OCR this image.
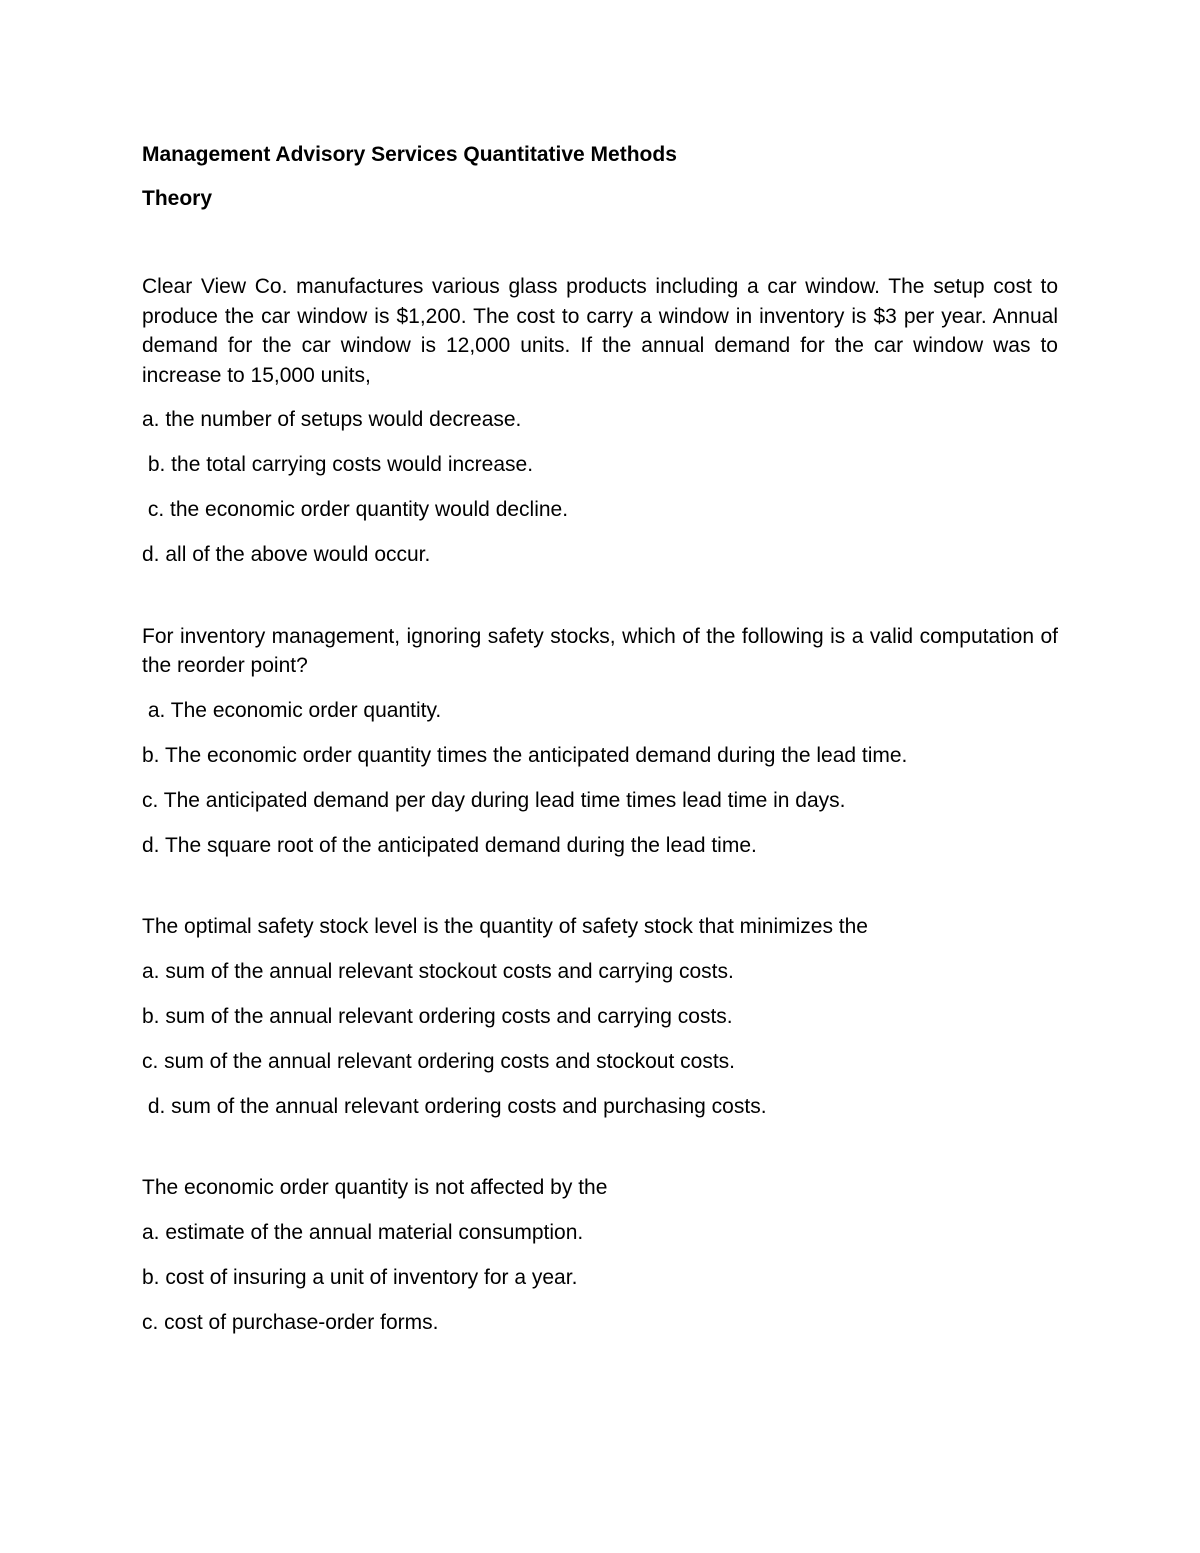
Management Advisory Services Quantitative Methods
Theory
Clear View Co. manufactures various glass products including a car window. The setup cost to produce the car window is $1,200. The cost to carry a window in inventory is $3 per year. Annual demand for the car window is 12,000 units. If the annual demand for the car window was to increase to 15,000 units,
a. the number of setups would decrease.
b. the total carrying costs would increase.
c. the economic order quantity would decline.
d. all of the above would occur.
For inventory management, ignoring safety stocks, which of the following is a valid computation of the reorder point?
a. The economic order quantity.
b. The economic order quantity times the anticipated demand during the lead time.
c. The anticipated demand per day during lead time times lead time in days.
d. The square root of the anticipated demand during the lead time.
The optimal safety stock level is the quantity of safety stock that minimizes the
a. sum of the annual relevant stockout costs and carrying costs.
b. sum of the annual relevant ordering costs and carrying costs.
c. sum of the annual relevant ordering costs and stockout costs.
d. sum of the annual relevant ordering costs and purchasing costs.
The economic order quantity is not affected by the
a. estimate of the annual material consumption.
b. cost of insuring a unit of inventory for a year.
c. cost of purchase-order forms.
